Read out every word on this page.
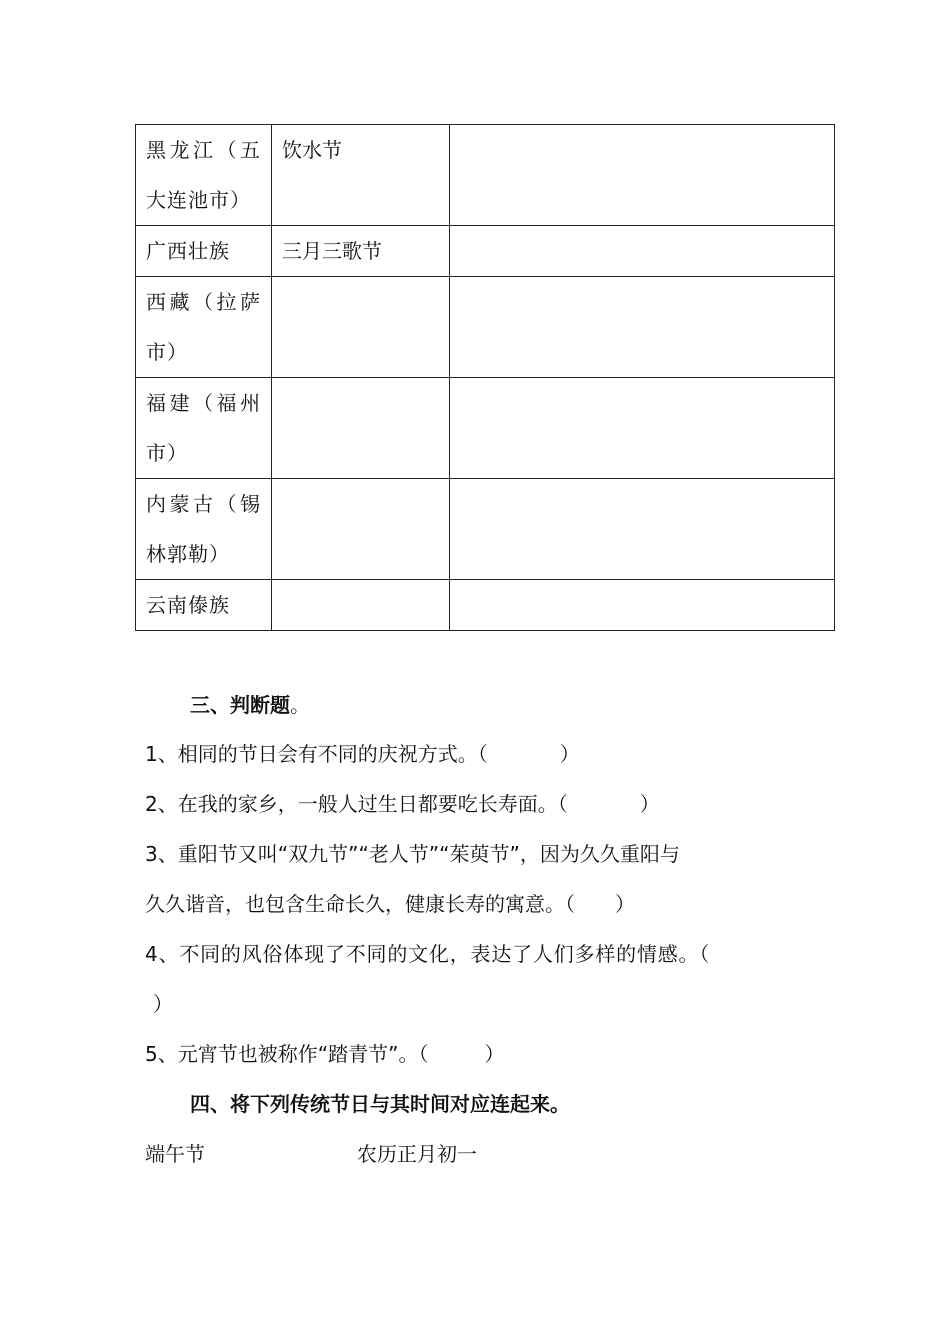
黑龙江（五大连池市）	饮水节	

广西壮族	三月三歌节	

西藏（拉萨市）		

福建（福州市）		

内蒙古（锡林郭勒）		

云南傣族		

三、判断题。
1、相同的节日会有不同的庆祝方式。（	）
2、在我的家乡，一般人过生日都要吃长寿面。（	）
3、重阳节又叫“双九节”“老人节”“茱萸节”，因为久久重阳与
久久谐音，也包含生命长久，健康长寿的寓意。（ ）
4、不同的风俗体现了不同的文化，表达了人们多样的情感。（
）
5、元宵节也被称作“踏青节”。（	）
四、将下列传统节日与其时间对应连起来。
端午节	农历正月初一
